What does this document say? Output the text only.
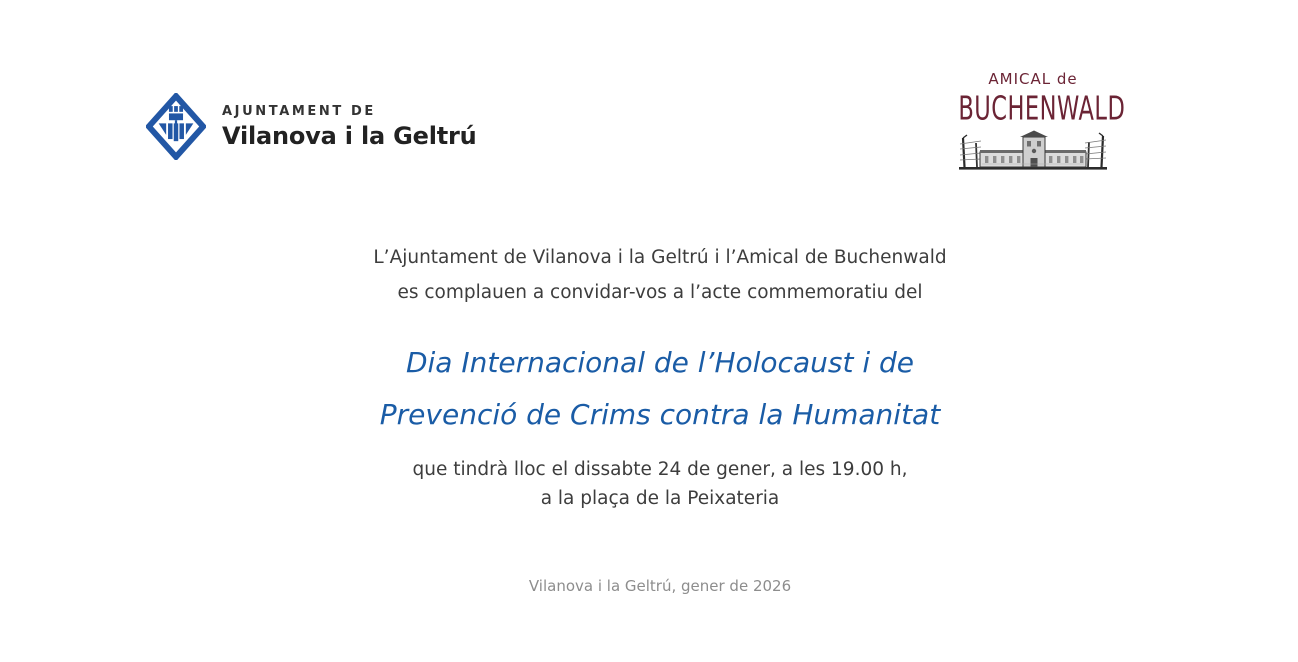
AJUNTAMENT DE
Vilanova i la Geltrú
AMICAL de
BUCHENWALD
L’Ajuntament de Vilanova i la Geltrú i l’Amical de Buchenwald
es complauen a convidar-vos a l’acte commemoratiu del
Dia Internacional de l’Holocaust i de
Prevenció de Crims contra la Humanitat
que tindrà lloc el dissabte 24 de gener, a les 19.00 h,
a la plaça de la Peixateria
Vilanova i la Geltrú, gener de 2026
